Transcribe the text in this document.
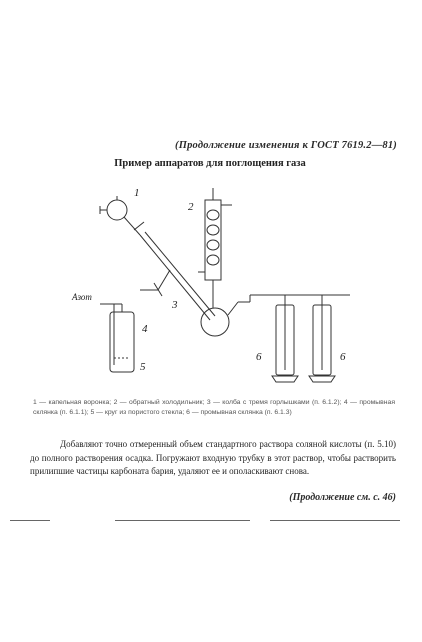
(Продолжение изменения к ГОСТ 7619.2—81)
Пример аппаратов для поглощения газа
1
2
3
4
5
6	6
Азот
1 — капельная воронка; 2 — обратный холодильник; 3 — колба с тремя горлышками (п. 6.1.2); 4 — промывная склянка (п. 6.1.1); 5 — круг из пористого стекла; 6 — промывная склянка (п. 6.1.3)

Добавляют точно отмеренный объем стандартного раствора соляной кислоты (п. 5.10) до полного растворения осадка. Погружают входную трубку в этот раствор, чтобы растворить прилипшие частицы карбоната бария, удаляют ее и ополаскивают снова.

(Продолжение см. с. 46)
